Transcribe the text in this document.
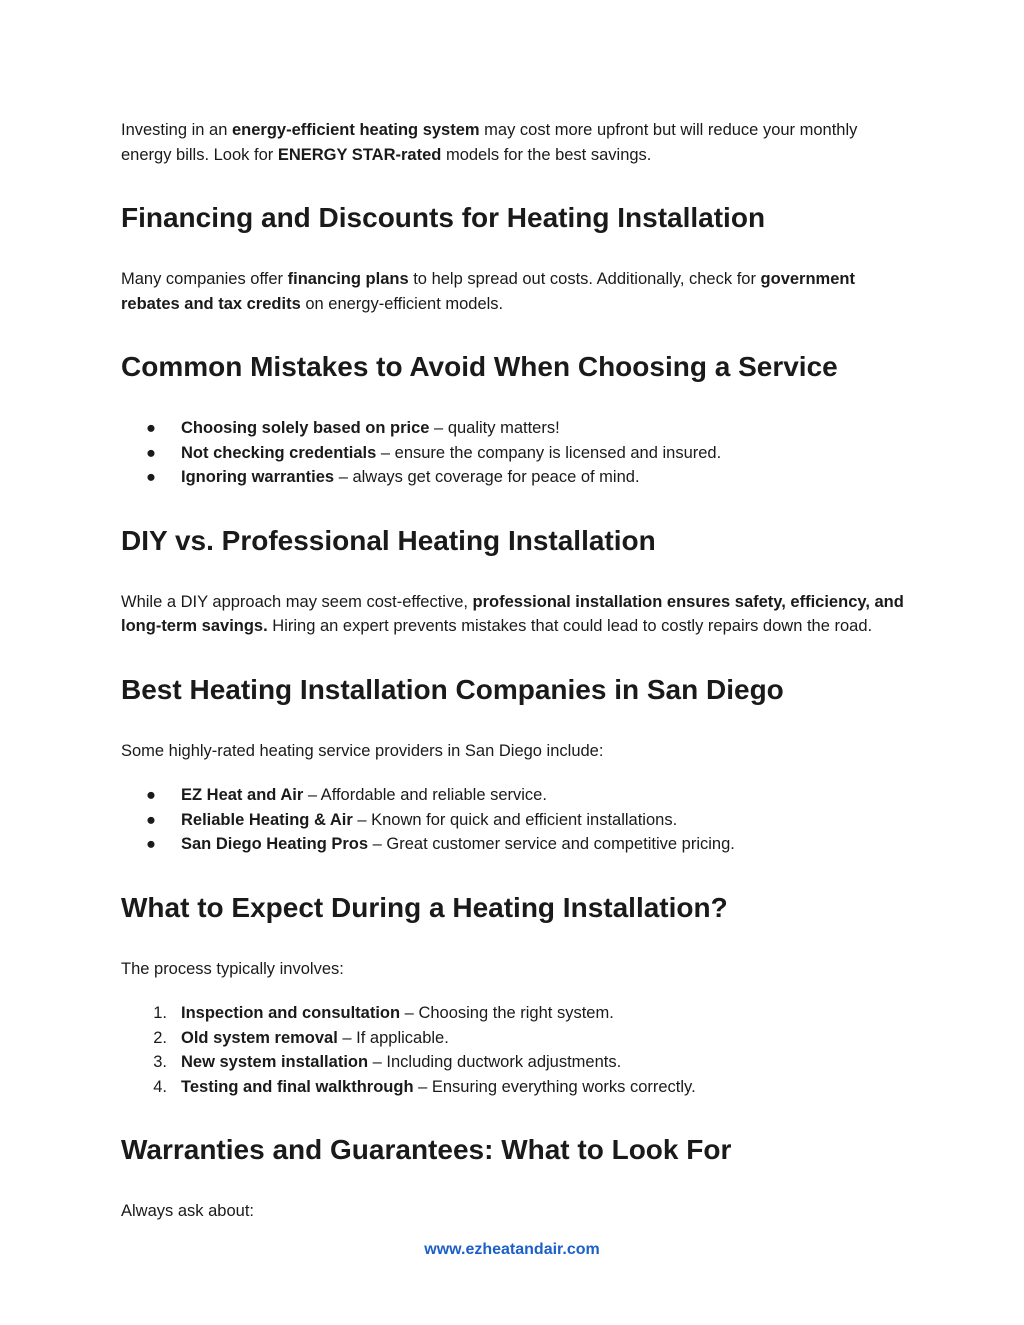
Investing in an energy-efficient heating system may cost more upfront but will reduce your monthly energy bills. Look for ENERGY STAR-rated models for the best savings.

Financing and Discounts for Heating Installation

Many companies offer financing plans to help spread out costs. Additionally, check for government rebates and tax credits on energy-efficient models.

Common Mistakes to Avoid When Choosing a Service
●	Choosing solely based on price – quality matters!
●	Not checking credentials – ensure the company is licensed and insured.
●	Ignoring warranties – always get coverage for peace of mind.
DIY vs. Professional Heating Installation

While a DIY approach may seem cost-effective, professional installation ensures safety, efficiency, and long-term savings. Hiring an expert prevents mistakes that could lead to costly repairs down the road.

Best Heating Installation Companies in San Diego

Some highly-rated heating service providers in San Diego include:

●	EZ Heat and Air – Affordable and reliable service.
●	Reliable Heating & Air – Known for quick and efficient installations.
●	San Diego Heating Pros – Great customer service and competitive pricing.
What to Expect During a Heating Installation?

The process typically involves:

1. Inspection and consultation – Choosing the right system.
2. Old system removal – If applicable.
3. New system installation – Including ductwork adjustments.
4. Testing and final walkthrough – Ensuring everything works correctly.
Warranties and Guarantees: What to Look For

Always ask about:

www.ezheatandair.com
